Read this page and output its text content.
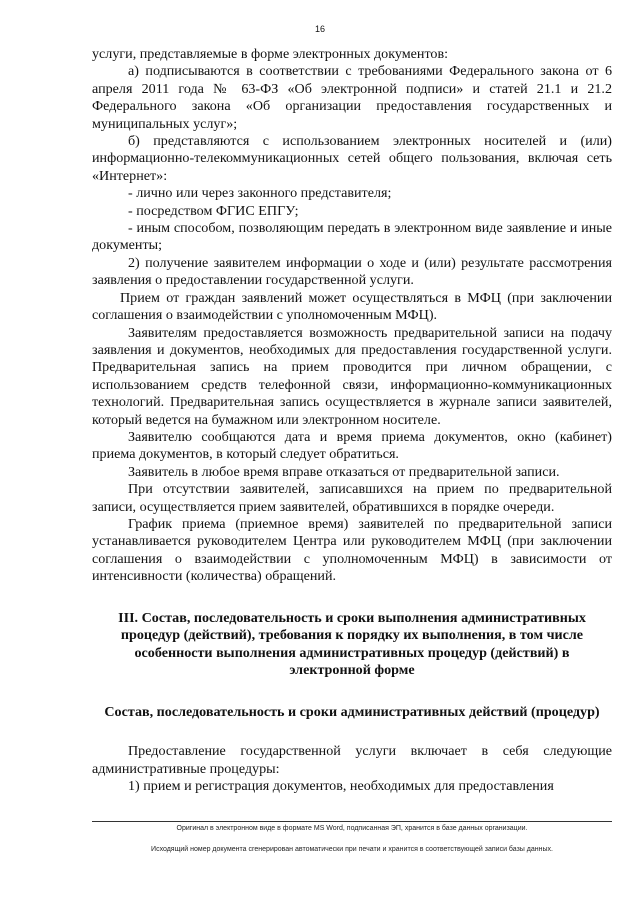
16

услуги, представляемые в форме электронных документов:

а) подписываются в соответствии с требованиями Федерального закона от 6 апреля 2011 года № 63-ФЗ «Об электронной подписи» и статей 21.1 и 21.2 Федерального закона «Об организации предоставления государственных и муниципальных услуг»;

б) представляются с использованием электронных носителей и (или) информационно-телекоммуникационных сетей общего пользования, включая сеть «Интернет»:

- лично или через законного представителя;

- посредством ФГИС ЕПГУ;

- иным способом, позволяющим передать в электронном виде заявление и иные документы;

2) получение заявителем информации о ходе и (или) результате рассмотрения заявления о предоставлении государственной услуги.

Прием от граждан заявлений может осуществляться в МФЦ (при заключении соглашения о взаимодействии с уполномоченным МФЦ).

Заявителям предоставляется возможность предварительной записи на подачу заявления и документов, необходимых для предоставления государственной услуги. Предварительная запись на прием проводится при личном обращении, с использованием средств телефонной связи, информационно-коммуникационных технологий. Предварительная запись осуществляется в журнале записи заявителей, который ведется на бумажном или электронном носителе.

Заявителю сообщаются дата и время приема документов, окно (кабинет) приема документов, в который следует обратиться.

Заявитель в любое время вправе отказаться от предварительной записи.

При отсутствии заявителей, записавшихся на прием по предварительной записи, осуществляется прием заявителей, обратившихся в порядке очереди.

График приема (приемное время) заявителей по предварительной записи устанавливается руководителем Центра или руководителем МФЦ (при заключении соглашения о взаимодействии с уполномоченным МФЦ) в зависимости от интенсивности (количества) обращений.

III. Состав, последовательность и сроки выполнения административных процедур (действий), требования к порядку их выполнения, в том числе особенности выполнения административных процедур (действий) в электронной форме

Состав, последовательность и сроки административных действий (процедур)

Предоставление государственной услуги включает в себя следующие административные процедуры:

1) прием и регистрация документов, необходимых для предоставления

Оригинал в электронном виде в формате MS Word, подписанная ЭП, хранится в базе данных организации.
Исходящий номер документа сгенерирован автоматически при печати и хранится в соответствующей записи базы данных.
